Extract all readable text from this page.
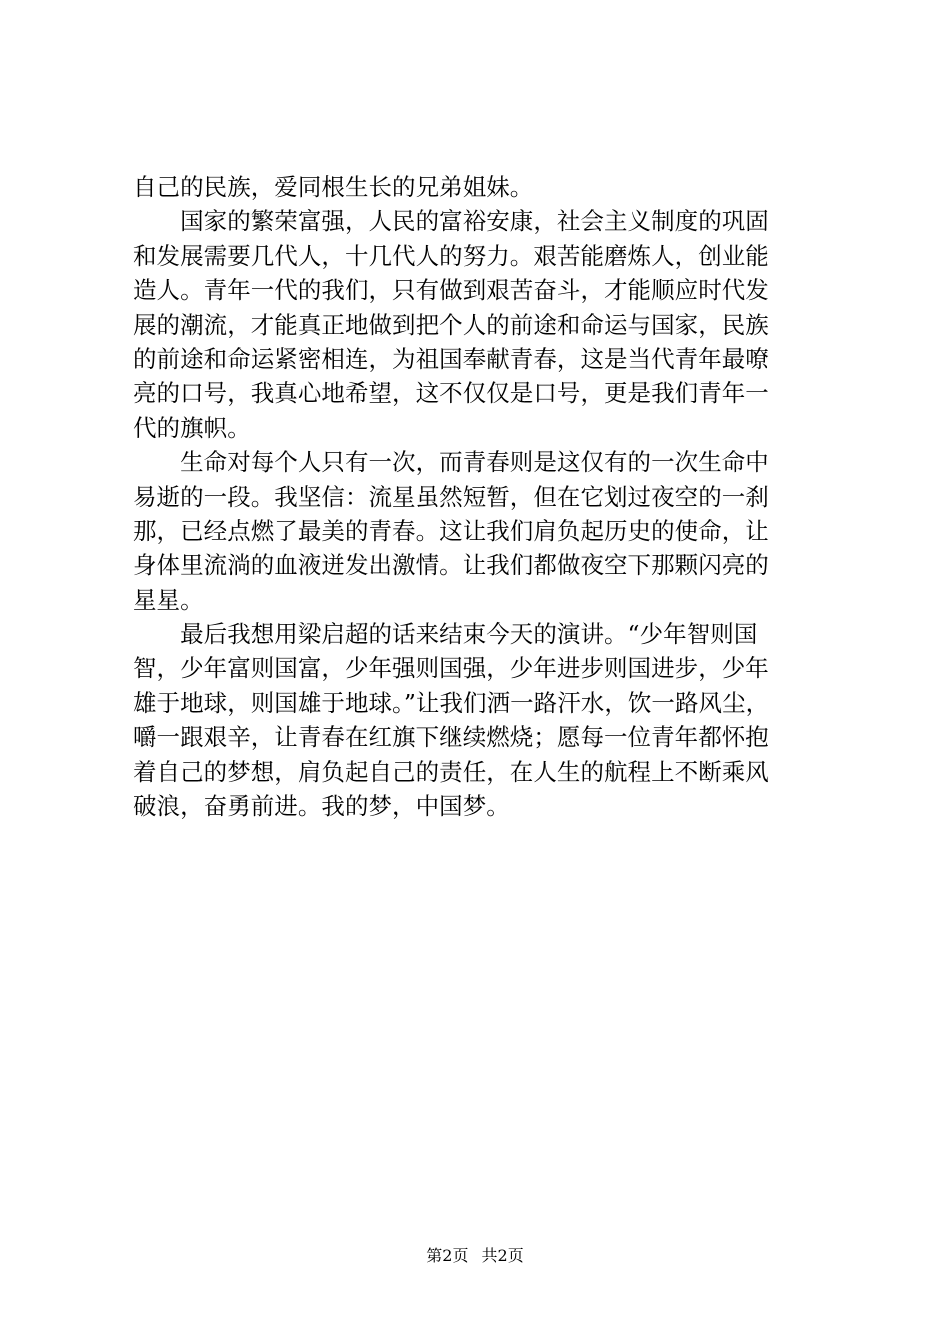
自己的民族，爱同根生长的兄弟姐妹。
　　国家的繁荣富强，人民的富裕安康，社会主义制度的巩固
和发展需要几代人，十几代人的努力。艰苦能磨炼人，创业能
造人。青年一代的我们，只有做到艰苦奋斗，才能顺应时代发
展的潮流，才能真正地做到把个人的前途和命运与国家，民族
的前途和命运紧密相连，为祖国奉献青春，这是当代青年最嘹
亮的口号，我真心地希望，这不仅仅是口号，更是我们青年一
代的旗帜。
　　生命对每个人只有一次，而青春则是这仅有的一次生命中
易逝的一段。我坚信：流星虽然短暂，但在它划过夜空的一刹
那，已经点燃了最美的青春。这让我们肩负起历史的使命，让
身体里流淌的血液迸发出激情。让我们都做夜空下那颗闪亮的
星星。
　　最后我想用梁启超的话来结束今天的演讲。“少年智则国
智，少年富则国富，少年强则国强，少年进步则国进步，少年
雄于地球，则国雄于地球。”让我们洒一路汗水，饮一路风尘，
嚼一跟艰辛，让青春在红旗下继续燃烧；愿每一位青年都怀抱
着自己的梦想，肩负起自己的责任，在人生的航程上不断乘风
破浪，奋勇前进。我的梦，中国梦。
第2页 共2页
